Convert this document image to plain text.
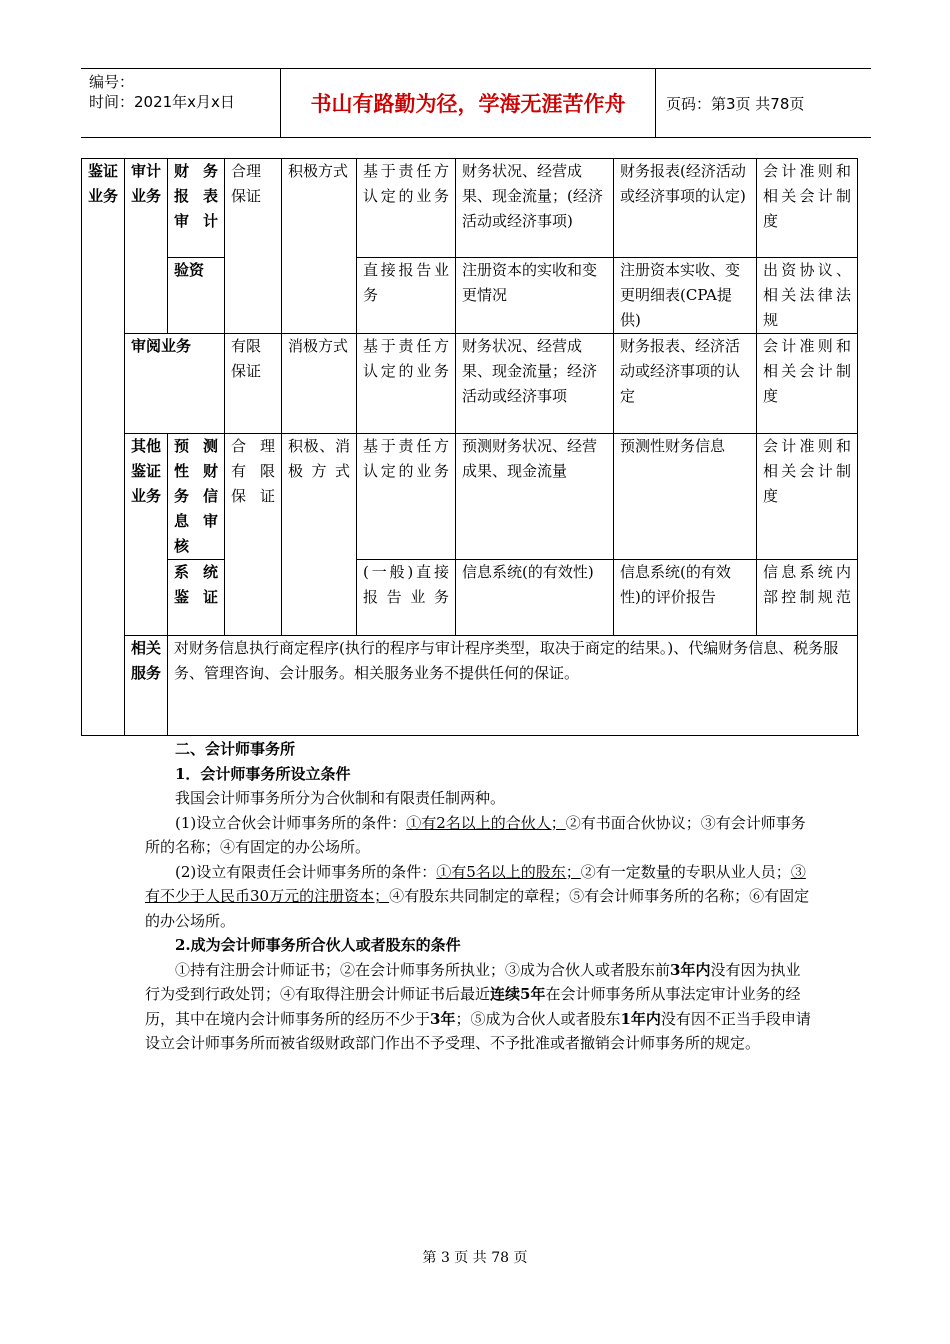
编号：
时间：2021年x月x日	书山有路勤为径，学海无涯苦作舟	页码：第3页 共78页
鉴证业务	审计业务	财务报表审计	合理保证	积极方式	基于责任方认定的业务	财务状况、经营成果、现金流量；(经济活动或经济事项)	财务报表(经济活动或经济事项的认定)	会计准则和相关会计制度
		验资			直接报告业务	注册资本的实收和变更情况	注册资本实收、变更明细表(CPA提供)	出资协议、相关法律法规
	审阅业务		有限保证	消极方式	基于责任方认定的业务	财务状况、经营成果、现金流量；经济活动或经济事项	财务报表、经济活动或经济事项的认定	会计准则和相关会计制度

	其他鉴证业务	预测性财务信息审核	合理有限保证	积极、消极方式	基于责任方认定的业务	预测财务状况、经营成果、现金流量	预测性财务信息	会计准则和相关会计制度
		系统鉴证			(一般)直接报告业务	信息系统(的有效性)	信息系统(的有效性)的评价报告	信息系统内部控制规范

	相关服务	对财务信息执行商定程序(执行的程序与审计程序类型，取决于商定的结果。)、代编财务信息、税务服务、管理咨询、会计服务。相关服务业务不提供任何的保证。						

二、会计师事务所

1．会计师事务所设立条件

我国会计师事务所分为合伙制和有限责任制两种。

(1)设立合伙会计师事务所的条件：①有2名以上的合伙人；②有书面合伙协议；③有会计师事务所的名称；④有固定的办公场所。

(2)设立有限责任会计师事务所的条件：①有5名以上的股东；②有一定数量的专职从业人员；③有不少于人民币30万元的注册资本；④有股东共同制定的章程；⑤有会计师事务所的名称；⑥有固定的办公场所。

2.成为会计师事务所合伙人或者股东的条件

①持有注册会计师证书；②在会计师事务所执业；③成为合伙人或者股东前3年内没有因为执业行为受到行政处罚；④有取得注册会计师证书后最近连续5年在会计师事务所从事法定审计业务的经历，其中在境内会计师事务所的经历不少于3年；⑤成为合伙人或者股东1年内没有因不正当手段申请设立会计师事务所而被省级财政部门作出不予受理、不予批准或者撤销会计师事务所的规定。

第 3 页 共 78 页
